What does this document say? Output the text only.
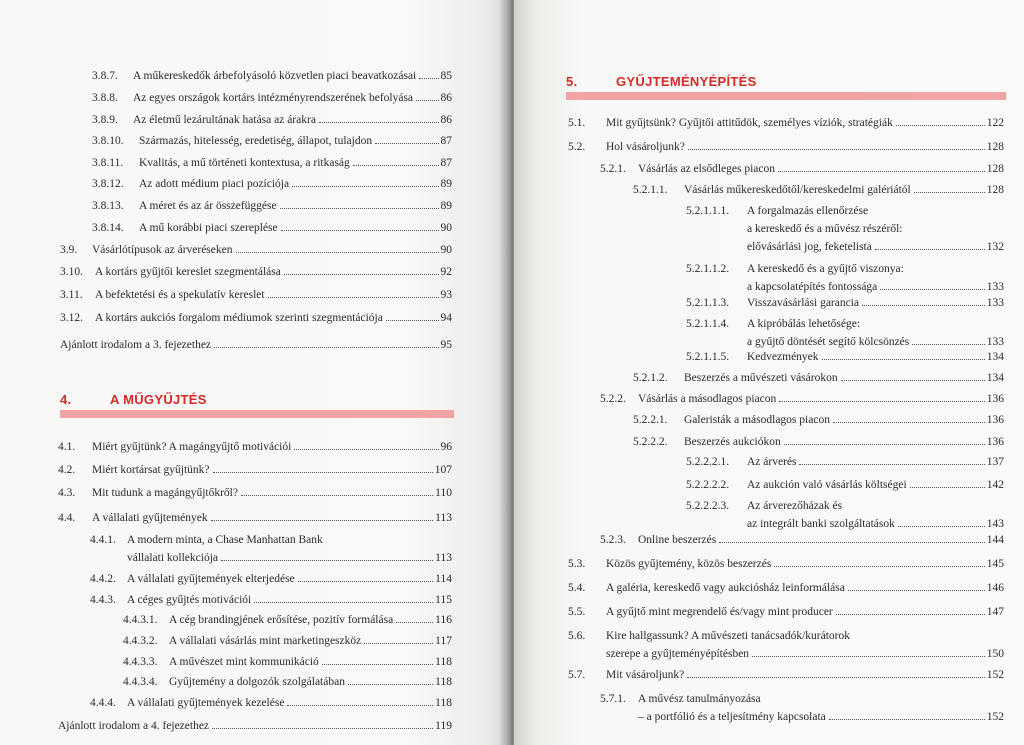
3.8.7.	A műkereskedők árbefolyásoló közvetlen piaci beavatkozásai 85
3.8.8.	Az egyes országok kortárs intézményrendszerének befolyása 86
3.8.9.	Az életmű lezárultának hatása az árakra	86
3.8.10.	Származás, hitelesség, eredetiség, állapot, tulajdon	87
3.8.11.	Kvalitás, a mű történeti kontextusa, a ritkaság	87
3.8.12.	Az adott médium piaci pozíciója	89
3.8.13.	A méret és az ár összefüggése	89
3.8.14.	A mű korábbi piaci szereplése	90
3.9.	Vásárlótípusok az árveréseken	90
3.10.	A kortárs gyűjtői kereslet szegmentálása	92
3.11.	A befektetési és a spekulatív kereslet	93
3.12.	A kortárs aukciós forgalom médiumok szerinti szegmentációja	94
Ajánlott irodalom a 3. fejezethez	95
4.	A MŰGYŰJTÉS
4.1.	Miért gyűjtünk? A magángyűjtő motivációi	96
4.2.	Miért kortársat gyűjtünk?	107
4.3.	Mit tudunk a magángyűjtőkről?	110
4.4.	A vállalati gyűjtemények	113
4.4.1. A modern minta, a Chase Manhattan Bank
vállalati kollekciója	113
4.4.2. A vállalati gyűjtemények elterjedése	114
4.4.3. A céges gyűjtés motivációi	115
4.4.3.1.	A cég brandingjének erősítése, pozitív formálása	116
4.4.3.2.	A vállalati vásárlás mint marketingeszköz	117
4.4.3.3.	A művészet mint kommunikáció	118
4.4.3.4.	Gyűjtemény a dolgozók szolgálatában	118
4.4.4. A vállalati gyűjtemények kezelése	118
Ajánlott irodalom a 4. fejezethez	119
5.	GYŰJTEMÉNYÉPÍTÉS
5.1.	Mit gyűjtsünk? Gyűjtői attitűdök, személyes víziók, stratégiák	122
5.2.	Hol vásároljunk?	128
5.2.1.	Vásárlás az elsődleges piacon	128
5.2.1.1.	Vásárlás műkereskedőtől/kereskedelmi galériától	128
5.2.1.1.1.	A forgalmazás ellenőrzése
a kereskedő és a művész részéről:
elővásárlási jog, feketelista	132
5.2.1.1.2.	A kereskedő és a gyűjtő viszonya:
a kapcsolatépítés fontossága	133
5.2.1.1.3.	Visszavásárlási garancia	133
5.2.1.1.4.	A kipróbálás lehetősége:
a gyűjtő döntését segítő kölcsönzés	133
5.2.1.1.5.	Kedvezmények	134
5.2.1.2.	Beszerzés a művészeti vásárokon	134
5.2.2.	Vásárlás a másodlagos piacon	136
5.2.2.1.	Galeristák a másodlagos piacon	136
5.2.2.2.	Beszerzés aukciókon	136
5.2.2.2.1.	Az árverés	137
5.2.2.2.2.	Az aukción való vásárlás költségei	142
5.2.2.2.3.	Az árverezőházak és
az integrált banki szolgáltatások	143
5.2.3.	Online beszerzés	144
5.3.	Közös gyűjtemény, közös beszerzés	145
5.4.	A galéria, kereskedő vagy aukciósház leinformálása	146
5.5.	A gyűjtő mint megrendelő és/vagy mint producer	147
5.6.	Kire hallgassunk? A művészeti tanácsadók/kurátorok
szerepe a gyűjteményépítésben	150
5.7.	Mit vásároljunk?	152
5.7.1.	A művész tanulmányozása
– a portfólió és a teljesítmény kapcsolata	152
